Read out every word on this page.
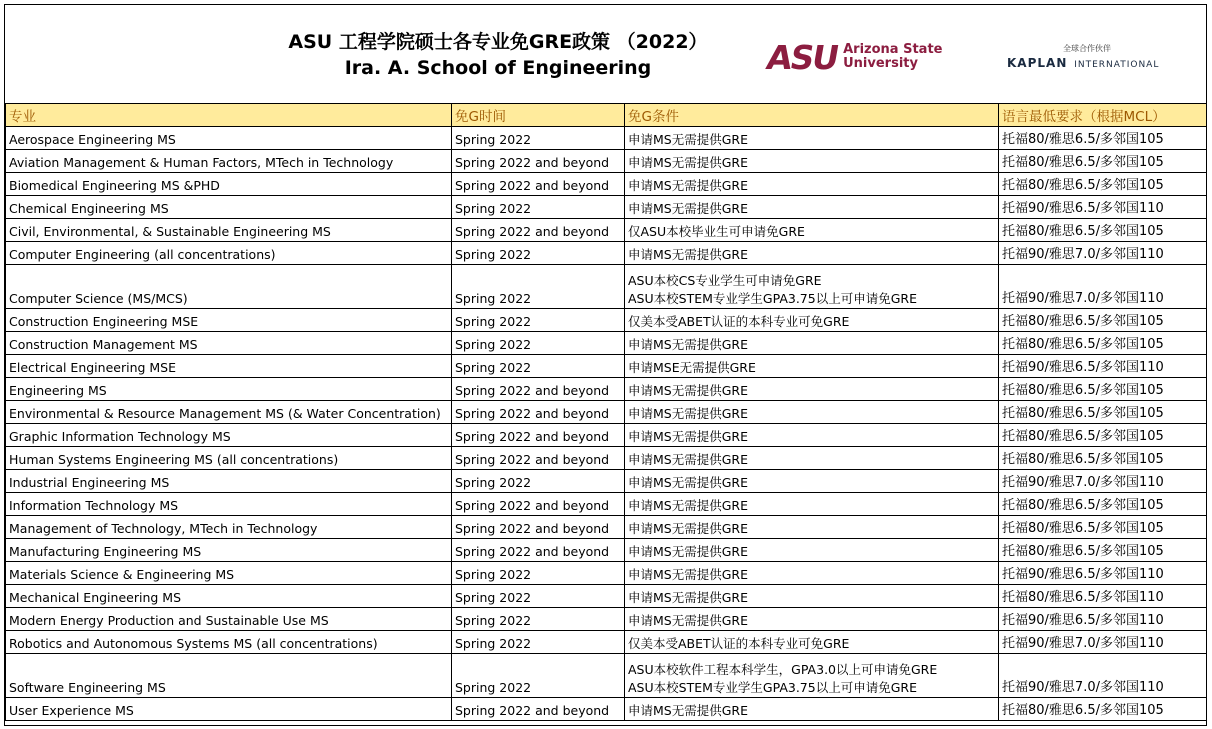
ASU 工程学院硕士各专业免GRE政策 （2022）
Ira. A. School of Engineering	ASU Arizona State
University
全球合作伙伴
KAPLAN INTERNATIONAL
专业	免G时间	免G条件	语言最低要求（根据MCL）
Aerospace Engineering MS	Spring 2022	申请MS无需提供GRE	托福80/雅思6.5/多邻国105
Aviation Management & Human Factors, MTech in Technology	Spring 2022 and beyond	申请MS无需提供GRE	托福80/雅思6.5/多邻国105
Biomedical Engineering MS &PHD	Spring 2022 and beyond	申请MS无需提供GRE	托福80/雅思6.5/多邻国105
Chemical Engineering MS	Spring 2022	申请MS无需提供GRE	托福90/雅思6.5/多邻国110
Civil, Environmental, & Sustainable Engineering MS	Spring 2022 and beyond	仅ASU本校毕业生可申请免GRE	托福80/雅思6.5/多邻国105
Computer Engineering (all concentrations)	Spring 2022	申请MS无需提供GRE	托福90/雅思7.0/多邻国110
Computer Science (MS/MCS)	Spring 2022	ASU本校CS专业学生可申请免GRE
ASU本校STEM专业学生GPA3.75以上可申请免GRE	托福90/雅思7.0/多邻国110
Construction Engineering MSE	Spring 2022	仅美本受ABET认证的本科专业可免GRE	托福80/雅思6.5/多邻国105
Construction Management MS	Spring 2022	申请MS无需提供GRE	托福80/雅思6.5/多邻国105
Electrical Engineering MSE	Spring 2022	申请MSE无需提供GRE	托福90/雅思6.5/多邻国110
Engineering MS	Spring 2022 and beyond	申请MS无需提供GRE	托福80/雅思6.5/多邻国105
Environmental & Resource Management MS (& Water Concentration)	Spring 2022 and beyond	申请MS无需提供GRE	托福80/雅思6.5/多邻国105
Graphic Information Technology MS	Spring 2022 and beyond	申请MS无需提供GRE	托福80/雅思6.5/多邻国105
Human Systems Engineering MS (all concentrations)	Spring 2022 and beyond	申请MS无需提供GRE	托福80/雅思6.5/多邻国105
Industrial Engineering MS	Spring 2022	申请MS无需提供GRE	托福90/雅思7.0/多邻国110
Information Technology MS	Spring 2022 and beyond	申请MS无需提供GRE	托福80/雅思6.5/多邻国105
Management of Technology, MTech in Technology	Spring 2022 and beyond	申请MS无需提供GRE	托福80/雅思6.5/多邻国105
Manufacturing Engineering MS	Spring 2022 and beyond	申请MS无需提供GRE	托福80/雅思6.5/多邻国105
Materials Science & Engineering MS	Spring 2022	申请MS无需提供GRE	托福90/雅思6.5/多邻国110
Mechanical Engineering MS	Spring 2022	申请MS无需提供GRE	托福80/雅思6.5/多邻国110
Modern Energy Production and Sustainable Use MS	Spring 2022	申请MS无需提供GRE	托福90/雅思6.5/多邻国110
Robotics and Autonomous Systems MS (all concentrations)	Spring 2022	仅美本受ABET认证的本科专业可免GRE	托福90/雅思7.0/多邻国110
Software Engineering MS	Spring 2022	ASU本校软件工程本科学生，GPA3.0以上可申请免GRE
ASU本校STEM专业学生GPA3.75以上可申请免GRE	托福90/雅思7.0/多邻国110
User Experience MS	Spring 2022 and beyond	申请MS无需提供GRE	托福80/雅思6.5/多邻国105
